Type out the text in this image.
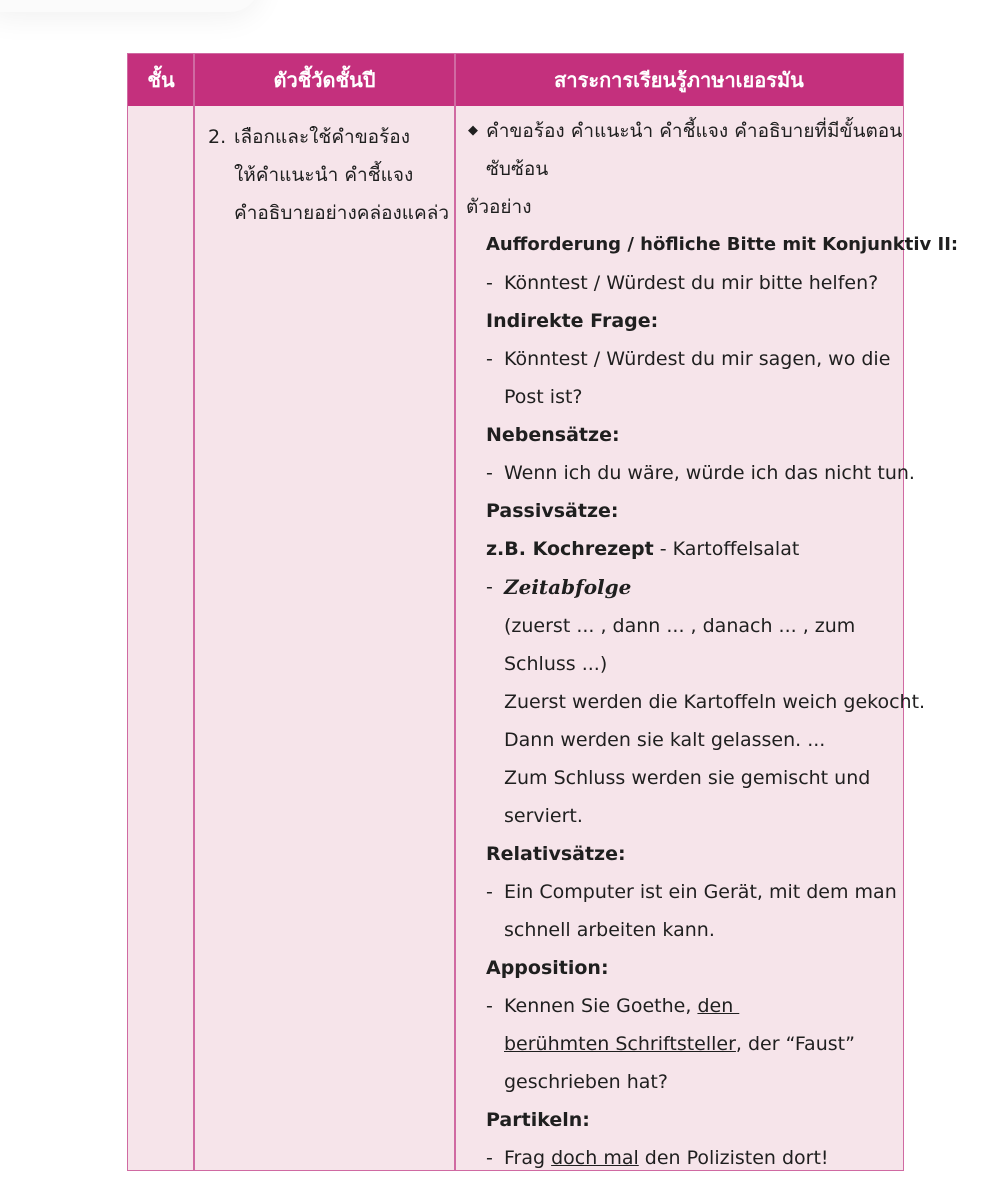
ชั้น	ตัวชี้วัดชั้นปี	สาระการเรียนรู้ภาษาเยอรมัน
2. เลือกและใช้คำขอร้อง
ให้คำแนะนำ คำชี้แจง
คำอธิบายอย่างคล่องแคล่ว
◆ คำขอร้อง คำแนะนำ คำชี้แจง คำอธิบายที่มีขั้นตอน
ซับซ้อน
ตัวอย่าง
Aufforderung / höfliche Bitte mit Konjunktiv II:
- Könntest / Würdest du mir bitte helfen?
Indirekte Frage:
- Könntest / Würdest du mir sagen, wo die
Post ist?
Nebensätze:
- Wenn ich du wäre, würde ich das nicht tun.
Passivsätze:
z.B. Kochrezept - Kartoffelsalat
- Zeitabfolge
(zuerst ... , dann ... , danach ... , zum
Schluss ...)
Zuerst werden die Kartoffeln weich gekocht.
Dann werden sie kalt gelassen. ...
Zum Schluss werden sie gemischt und
serviert.
Relativsätze:
- Ein Computer ist ein Gerät, mit dem man
schnell arbeiten kann.
Apposition:
- Kennen Sie Goethe, den
berühmten Schriftsteller, der “Faust”
geschrieben hat?
Partikeln:
- Frag doch mal den Polizisten dort!
